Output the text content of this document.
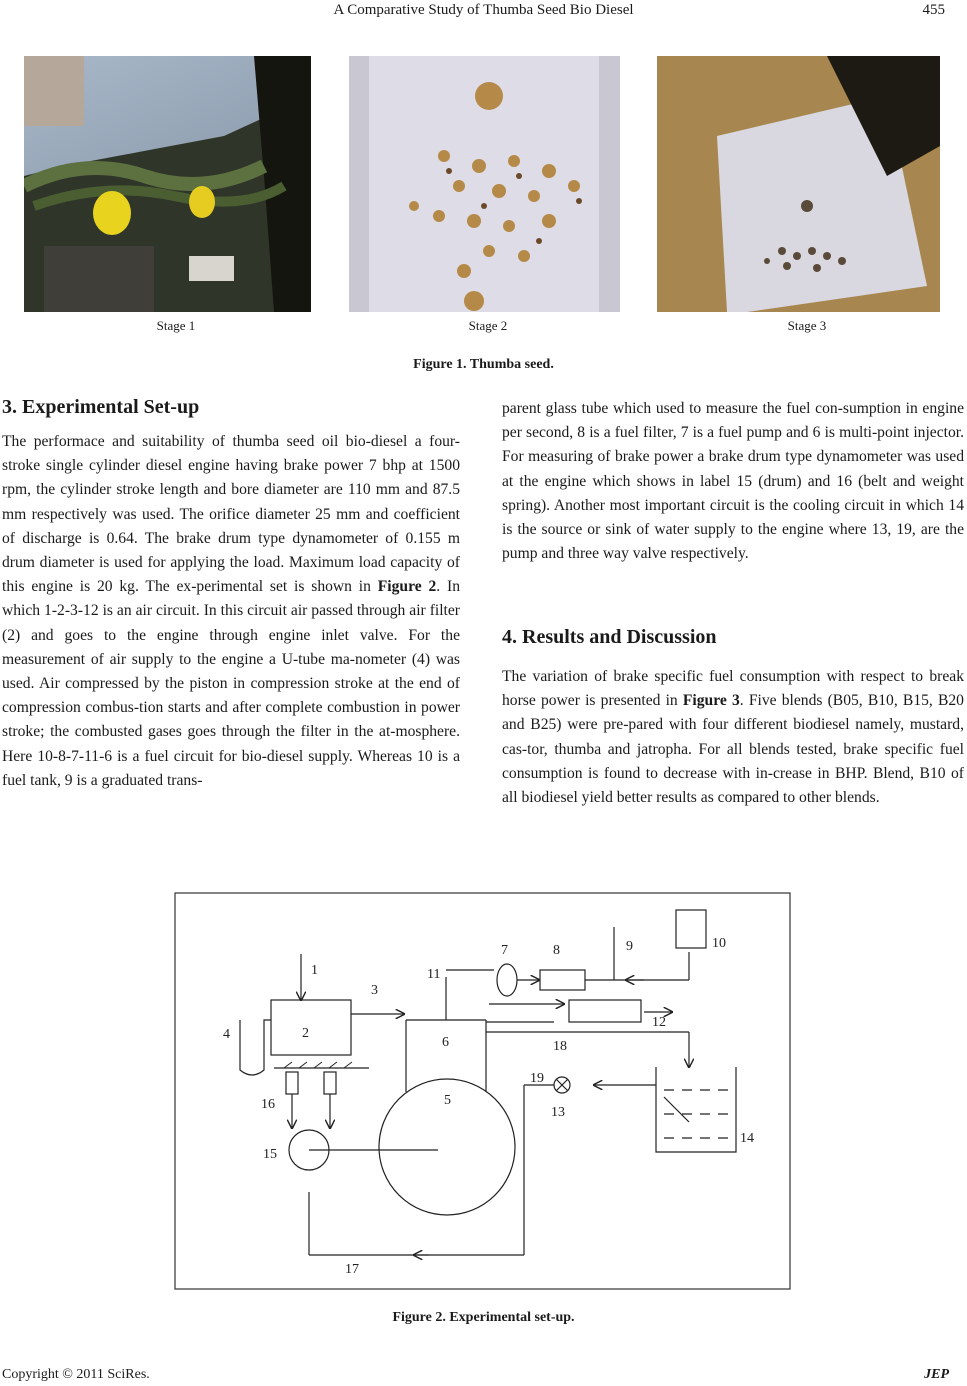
A Comparative Study of Thumba Seed Bio Diesel	455
Stage 1	Stage 2	Stage 3
Figure 1. Thumba seed.
3. Experimental Set-up

The performace and suitability of thumba seed oil bio-diesel a four-stroke single cylinder diesel engine having brake power 7 bhp at 1500 rpm, the cylinder stroke length and bore diameter are 110 mm and 87.5 mm respectively was used. The orifice diameter 25 mm and coefficient of discharge is 0.64. The brake drum type dynamometer of 0.155 m drum diameter is used for applying the load. Maximum load capacity of this engine is 20 kg. The ex-perimental set is shown in Figure 2. In which 1-2-3-12 is an air circuit. In this circuit air passed through air filter (2) and goes to the engine through engine inlet valve. For the measurement of air supply to the engine a U-tube ma-nometer (4) was used. Air compressed by the piston in compression stroke at the end of compression combus-tion starts and after complete combustion in power stroke; the combusted gases goes through the filter in the at-mosphere. Here 10-8-7-11-6 is a fuel circuit for bio-diesel supply. Whereas 10 is a fuel tank, 9 is a graduated trans-

parent glass tube which used to measure the fuel con-sumption in engine per second, 8 is a fuel filter, 7 is a fuel pump and 6 is multi-point injector. For measuring of brake power a brake drum type dynamometer was used at the engine which shows in label 15 (drum) and 16 (belt and weight spring). Another most important circuit is the cooling circuit in which 14 is the source or sink of water supply to the engine where 13, 19, are the pump and three way valve respectively.

4. Results and Discussion

The variation of brake specific fuel consumption with respect to break horse power is presented in Figure 3. Five blends (B05, B10, B15, B20 and B25) were pre-pared with four different biodiesel namely, mustard, cas-tor, thumba and jatropha. For all blends tested, brake specific fuel consumption is found to decrease with in-crease in BHP. Blend, B10 of all biodiesel yield better results as compared to other blends.

1
2
3
4
5
6
7	8	9	10
11
12
13
14
15
16
17
18
19
Figure 2. Experimental set-up.
Copyright © 2011 SciRes.	JEP
